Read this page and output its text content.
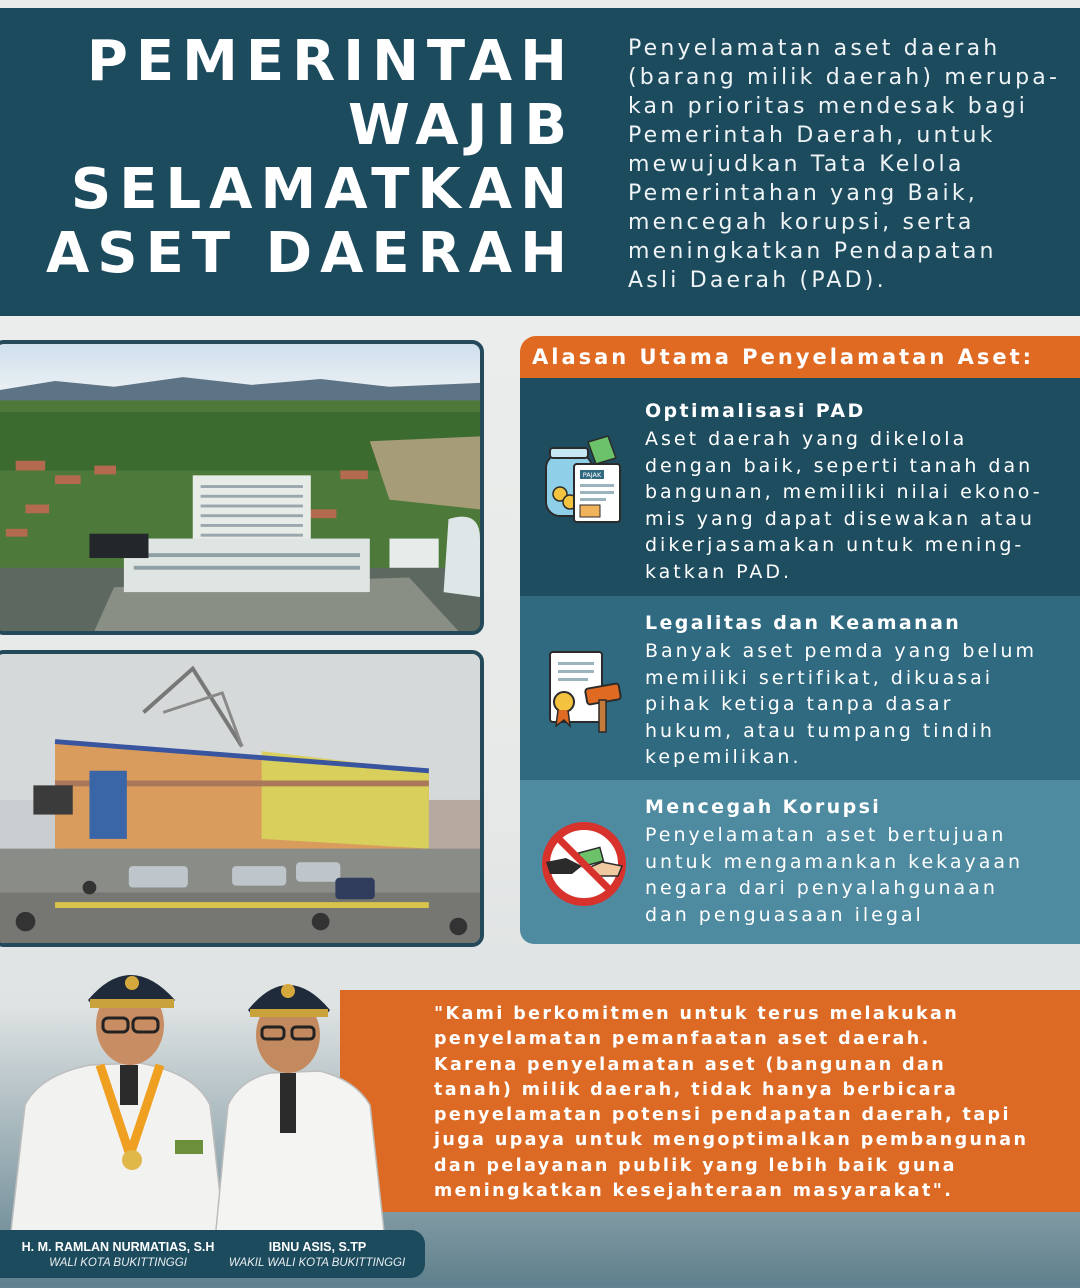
PEMERINTAH
WAJIB
SELAMATKAN
ASET DAERAH
Penyelamatan aset daerah
(barang milik daerah) merupa-
kan prioritas mendesak bagi
Pemerintah Daerah, untuk
mewujudkan Tata Kelola
Pemerintahan yang Baik,
mencegah korupsi, serta
meningkatkan Pendapatan
Asli Daerah (PAD).
Alasan Utama Penyelamatan Aset:
PAJAK
Optimalisasi PAD
Aset daerah yang dikelola
dengan baik, seperti tanah dan
bangunan, memiliki nilai ekono-
mis yang dapat disewakan atau
dikerjasamakan untuk mening-
katkan PAD.
Legalitas dan Keamanan
Banyak aset pemda yang belum
memiliki sertifikat, dikuasai
pihak ketiga tanpa dasar
hukum, atau tumpang tindih
kepemilikan.
Mencegah Korupsi
Penyelamatan aset bertujuan
untuk mengamankan kekayaan
negara dari penyalahgunaan
dan penguasaan ilegal
"Kami berkomitmen untuk terus melakukan
penyelamatan pemanfaatan aset daerah.
Karena penyelamatan aset (bangunan dan
tanah) milik daerah, tidak hanya berbicara
penyelamatan potensi pendapatan daerah, tapi
juga upaya untuk mengoptimalkan pembangunan
dan pelayanan publik yang lebih baik guna
meningkatkan kesejahteraan masyarakat".
H. M. RAMLAN NURMATIAS, S.H
WALI KOTA BUKITTINGGI
IBNU ASIS, S.TP
WAKIL WALI KOTA BUKITTINGGI
